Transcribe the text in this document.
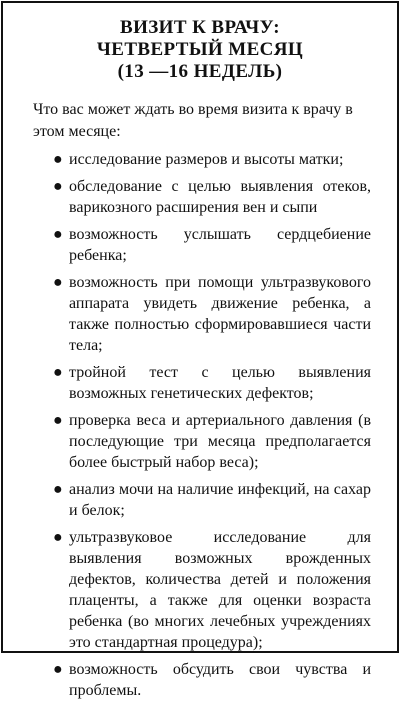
ВИЗИТ К ВРАЧУ:
ЧЕТВЕРТЫЙ МЕСЯЦ
(13 —16 НЕДЕЛЬ)

Что вас может ждать во время визита к врачу в этом месяце:

● исследование размеров и высоты матки;
● обследование с целью выявления отеков, варикозного расширения вен и сыпи
● возможность услышать сердцебиение ребенка;
● возможность при помощи ультразвукового аппарата увидеть движение ребенка, а также полностью сформировавшиеся части тела;
● тройной тест с целью выявления возможных генетических дефектов;
● проверка веса и артериального давления (в последующие три месяца предполагается более быстрый набор веса);
● анализ мочи на наличие инфекций, на сахар и белок;
● ультразвуковое исследование для выявления возможных врожденных дефектов, количества детей и положения плаценты, а также для оценки возраста ребенка (во многих лечебных учреждениях это стандартная процедура);
● возможность обсудить свои чувства и проблемы.
